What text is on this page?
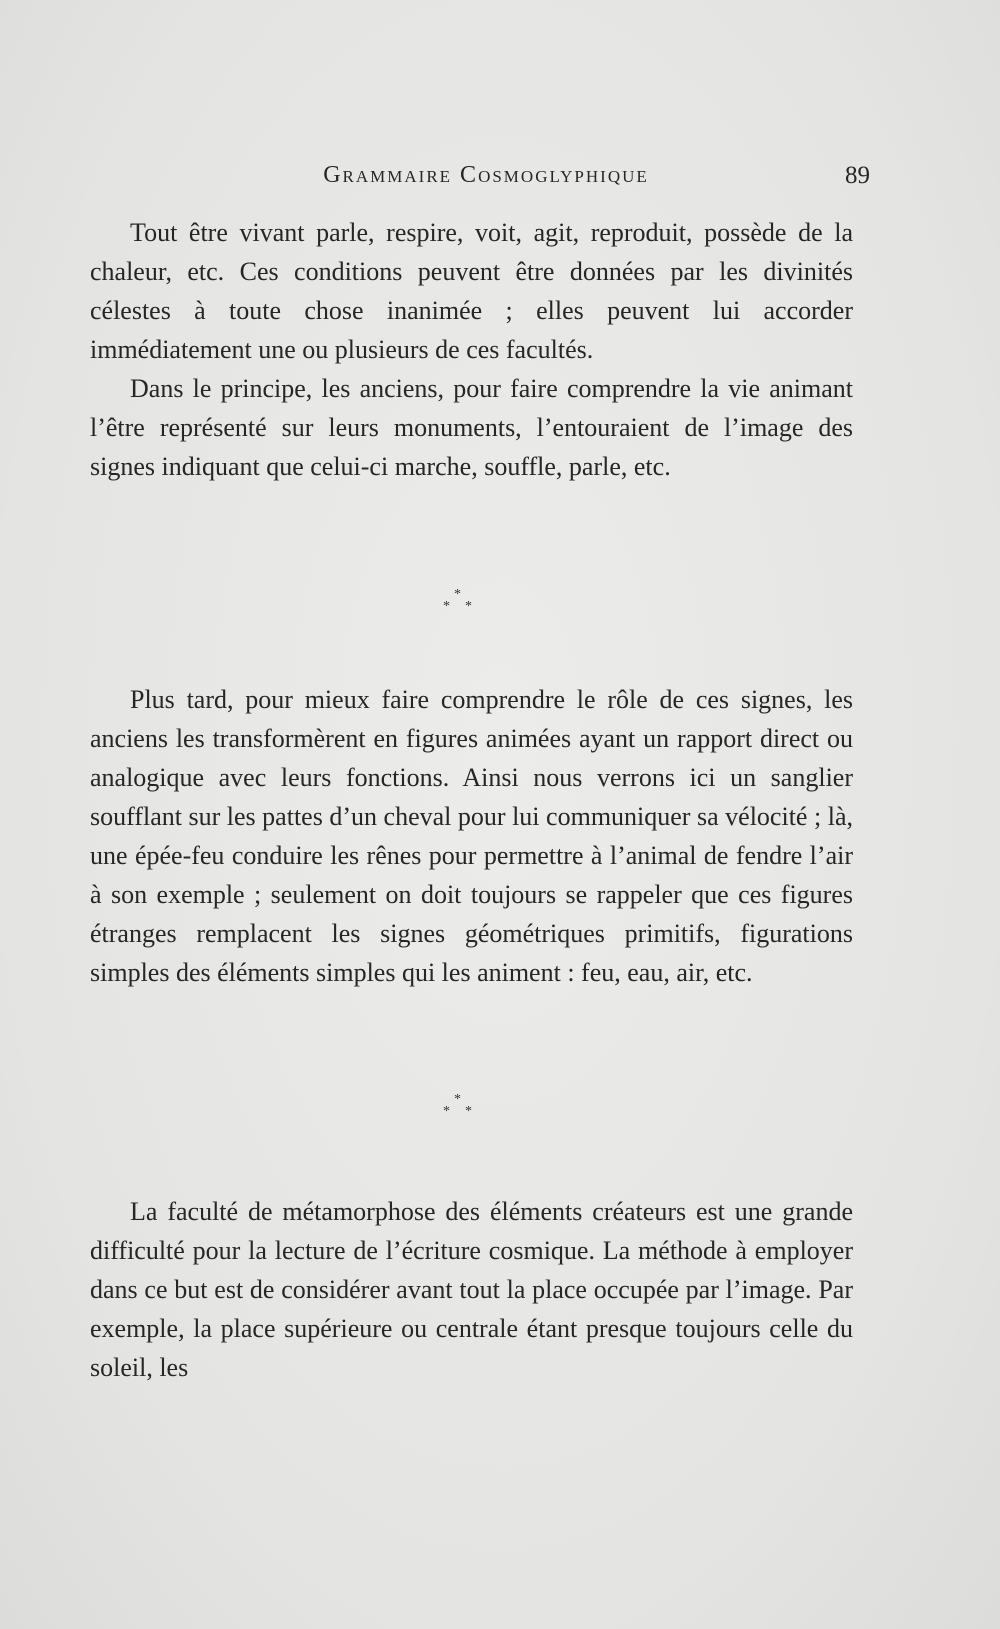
Grammaire Cosmoglyphique	89

Tout être vivant parle, respire, voit, agit, reproduit, possède de la chaleur, etc. Ces conditions peuvent être données par les divinités célestes à toute chose inanimée ; elles peuvent lui accorder immédiatement une ou plusieurs de ces facultés.

Dans le principe, les anciens, pour faire comprendre la vie animant l’être représenté sur leurs monuments, l’entouraient de l’image des signes indiquant que celui-ci marche, souffle, parle, etc.

*
* *

Plus tard, pour mieux faire comprendre le rôle de ces signes, les anciens les transformèrent en figures animées ayant un rapport direct ou analogique avec leurs fonctions. Ainsi nous verrons ici un sanglier soufflant sur les pattes d’un cheval pour lui communiquer sa vélocité ; là, une épée-feu conduire les rênes pour permettre à l’animal de fendre l’air à son exemple ; seulement on doit toujours se rappeler que ces figures étranges remplacent les signes géométriques primitifs, figurations simples des éléments simples qui les animent : feu, eau, air, etc.

*
* *

La faculté de métamorphose des éléments créateurs est une grande difficulté pour la lecture de l’écriture cosmique. La méthode à employer dans ce but est de considérer avant tout la place occupée par l’image. Par exemple, la place supérieure ou centrale étant presque toujours celle du soleil, les
